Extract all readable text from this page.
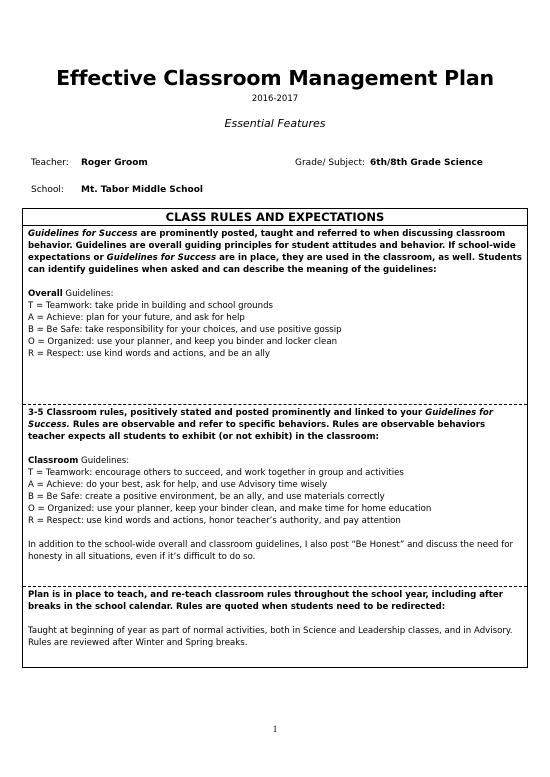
Effective Classroom Management Plan
2016-2017
Essential Features
Teacher: Roger Groom	Grade/ Subject: 6th/8th Grade Science
School: Mt. Tabor Middle School
CLASS RULES AND EXPECTATIONS

Guidelines for Success are prominently posted, taught and referred to when discussing classroom behavior. Guidelines are overall guiding principles for student attitudes and behavior. If school-wide expectations or Guidelines for Success are in place, they are used in the classroom, as well. Students can identify guidelines when asked and can describe the meaning of the guidelines:

Overall Guidelines:

T = Teamwork: take pride in building and school grounds

A = Achieve: plan for your future, and ask for help

B = Be Safe: take responsibility for your choices, and use positive gossip

O = Organized: use your planner, and keep you binder and locker clean

R = Respect: use kind words and actions, and be an ally

3-5 Classroom rules, positively stated and posted prominently and linked to your Guidelines for Success. Rules are observable and refer to specific behaviors. Rules are observable behaviors teacher expects all students to exhibit (or not exhibit) in the classroom:

Classroom Guidelines:

T = Teamwork: encourage others to succeed, and work together in group and activities

A = Achieve: do your best, ask for help, and use Advisory time wisely

B = Be Safe: create a positive environment, be an ally, and use materials correctly

O = Organized: use your planner, keep your binder clean, and make time for home education

R = Respect: use kind words and actions, honor teacher’s authority, and pay attention

In addition to the school-wide overall and classroom guidelines, I also post “Be Honest” and discuss the need for honesty in all situations, even if it’s difficult to do so.

Plan is in place to teach, and re-teach classroom rules throughout the school year, including after breaks in the school calendar. Rules are quoted when students need to be redirected:

Taught at beginning of year as part of normal activities, both in Science and Leadership classes, and in Advisory. Rules are reviewed after Winter and Spring breaks.

1
